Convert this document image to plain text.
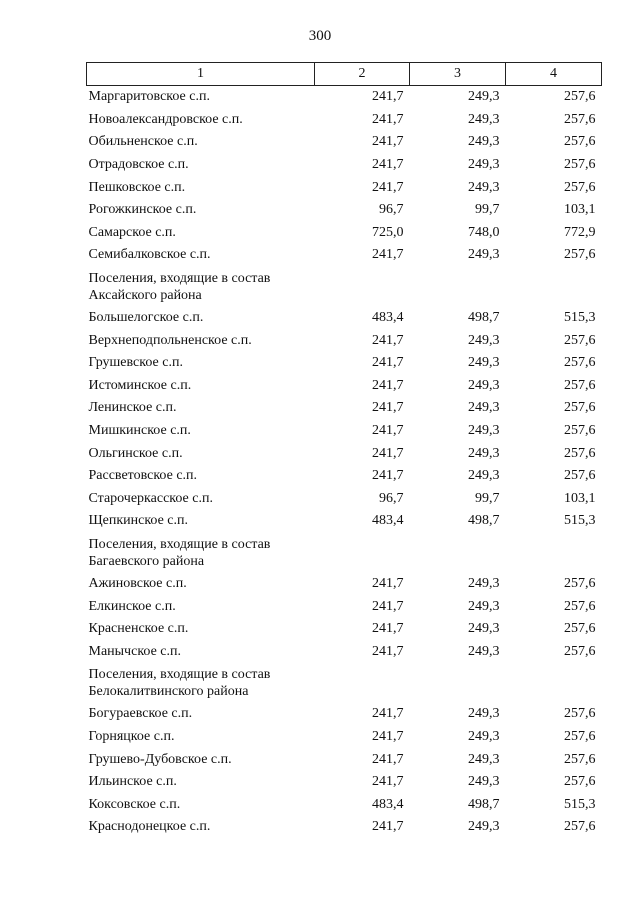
300
1	2	3	4
Маргаритовское с.п.	241,7	249,3	257,6
Новоалександровское с.п.	241,7	249,3	257,6
Обильненское с.п.	241,7	249,3	257,6
Отрадовское с.п.	241,7	249,3	257,6
Пешковское с.п.	241,7	249,3	257,6
Рогожкинское с.п.	96,7	99,7	103,1
Самарское с.п.	725,0	748,0	772,9
Семибалковское с.п.	241,7	249,3	257,6

Поселения, входящие в состав
Аксайского района			

Большелогское с.п.	483,4	498,7	515,3
Верхнеподпольненское с.п.	241,7	249,3	257,6
Грушевское с.п.	241,7	249,3	257,6
Истоминское с.п.	241,7	249,3	257,6
Ленинское с.п.	241,7	249,3	257,6
Мишкинское с.п.	241,7	249,3	257,6
Ольгинское с.п.	241,7	249,3	257,6
Рассветовское с.п.	241,7	249,3	257,6
Старочеркасское с.п.	96,7	99,7	103,1
Щепкинское с.п.	483,4	498,7	515,3

Поселения, входящие в состав
Багаевского района			

Ажиновское с.п.	241,7	249,3	257,6
Елкинское с.п.	241,7	249,3	257,6
Красненское с.п.	241,7	249,3	257,6
Манычское с.п.	241,7	249,3	257,6

Поселения, входящие в состав
Белокалитвинского района			

Богураевское с.п.	241,7	249,3	257,6
Горняцкое с.п.	241,7	249,3	257,6
Грушево-Дубовское с.п.	241,7	249,3	257,6
Ильинское с.п.	241,7	249,3	257,6
Коксовское с.п.	483,4	498,7	515,3
Краснодонецкое с.п.	241,7	249,3	257,6
